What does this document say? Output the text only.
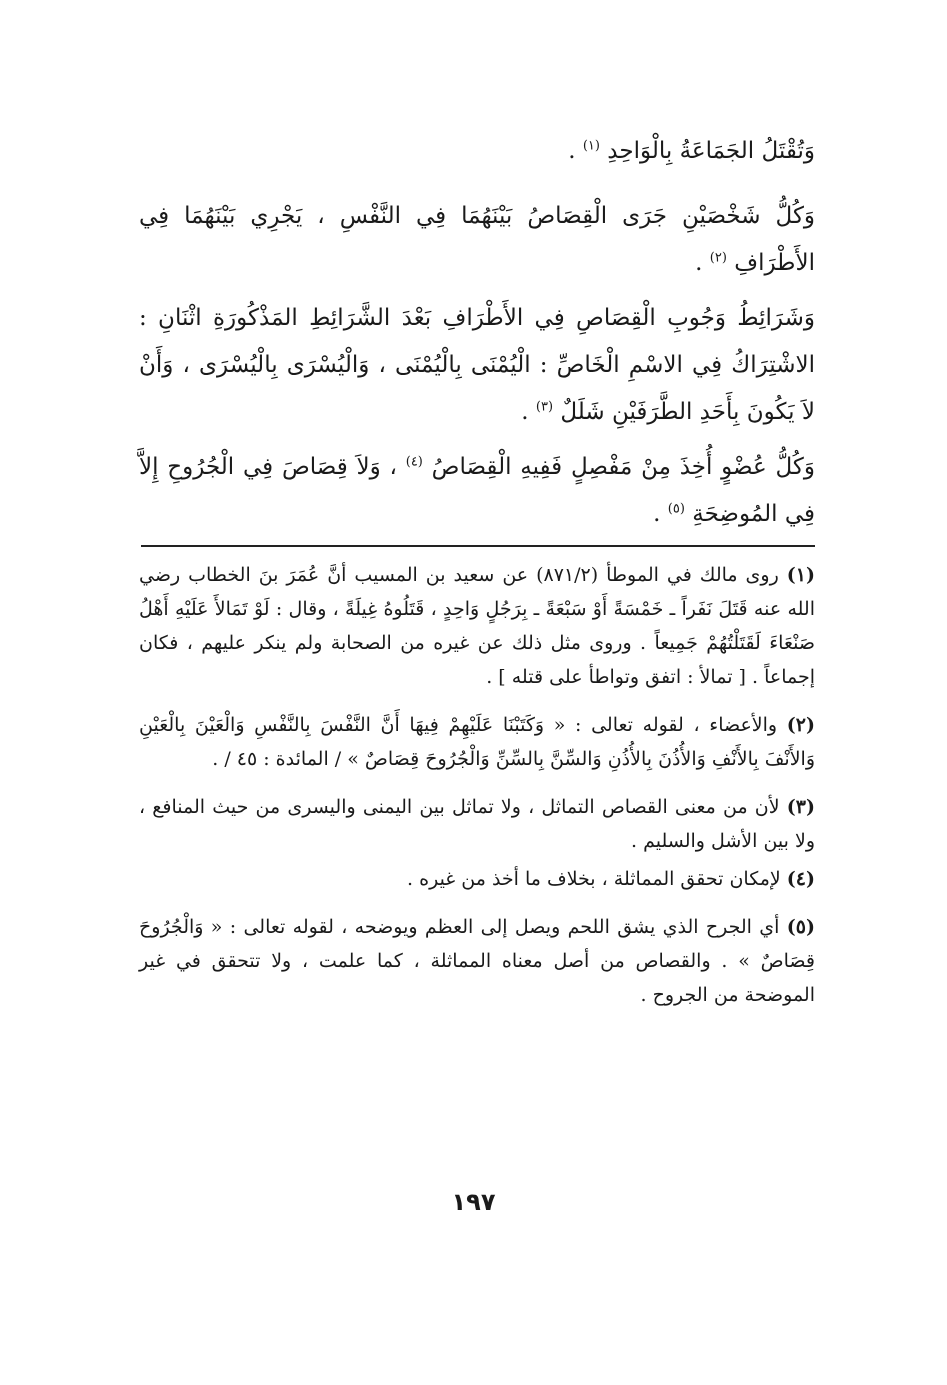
وَتُقْتَلُ الجَمَاعَةُ بِالْوَاحِدِ $^{(١)}$ .

وَكُلُّ شَخْصَيْنِ جَرَى الْقِصَاصُ بَيْنَهُمَا فِي النَّفْسِ ، يَجْرِي بَيْنَهُمَا فِي الأَطْرَافِ $^{(٢)}$ .

وَشَرَائِطُ وَجُوبِ الْقِصَاصِ فِي الأَطْرَافِ بَعْدَ الشَّرَائِطِ المَذْكُورَةِ اثْنَانِ : الاشْتِرَاكُ فِي الاسْمِ الْخَاصِّ : الْيُمْنَى بِالْيُمْنَى ، وَالْيُسْرَى بِالْيُسْرَى ، وَأَنْ لاَ يَكُونَ بِأَحَدِ الطَّرَفَيْنِ شَلَلٌ $^{(٣)}$ .

وَكُلُّ عُضْوٍ أُخِذَ مِنْ مَفْصِلٍ فَفِيهِ الْقِصَاصُ $^{(٤)}$ ، وَلاَ قِصَاصَ فِي الْجُرُوحِ إِلاَّ فِي المُوضِحَةِ $^{(٥)}$ .

(١) روى مالك في الموطأ (٨٧١/٢) عن سعيد بن المسيب أنَّ عُمَرَ بنَ الخطاب رضي الله عنه قَتَلَ نَفَراً ـ خَمْسَةً أَوْ سَبْعَةً ـ بِرَجُلٍ وَاحِدٍ ، قَتَلُوهُ غِيلَةً ، وقال : لَوْ تَمَالأَ عَلَيْهِ أَهْلُ صَنْعَاءَ لَقَتَلْتُهُمْ جَمِيعاً . وروى مثل ذلك عن غيره من الصحابة ولم ينكر عليهم ، فكان إجماعاً . [ تمالأ : اتفق وتواطأ على قتله ] .

(٢) والأعضاء ، لقوله تعالى : « وَكَتَبْنَا عَلَيْهِمْ فِيهَا أَنَّ النَّفْسَ بِالنَّفْسِ وَالْعَيْنَ بِالْعَيْنِ وَالأَنْفَ بِالأَنْفِ وَالأُذُنَ بِالأُذُنِ وَالسِّنَّ بِالسِّنِّ وَالْجُرُوحَ قِصَاصٌ » / المائدة : ٤٥ / .

(٣) لأن من معنى القصاص التماثل ، ولا تماثل بين اليمنى واليسرى من حيث المنافع ، ولا بين الأشل والسليم .

(٤) لإمكان تحقق المماثلة ، بخلاف ما أخذ من غيره .

(٥) أي الجرح الذي يشق اللحم ويصل إلى العظم ويوضحه ، لقوله تعالى : « وَالْجُرُوحَ قِصَاصٌ » . والقصاص من أصل معناه المماثلة ، كما علمت ، ولا تتحقق في غير الموضحة من الجروح .

١٩٧
